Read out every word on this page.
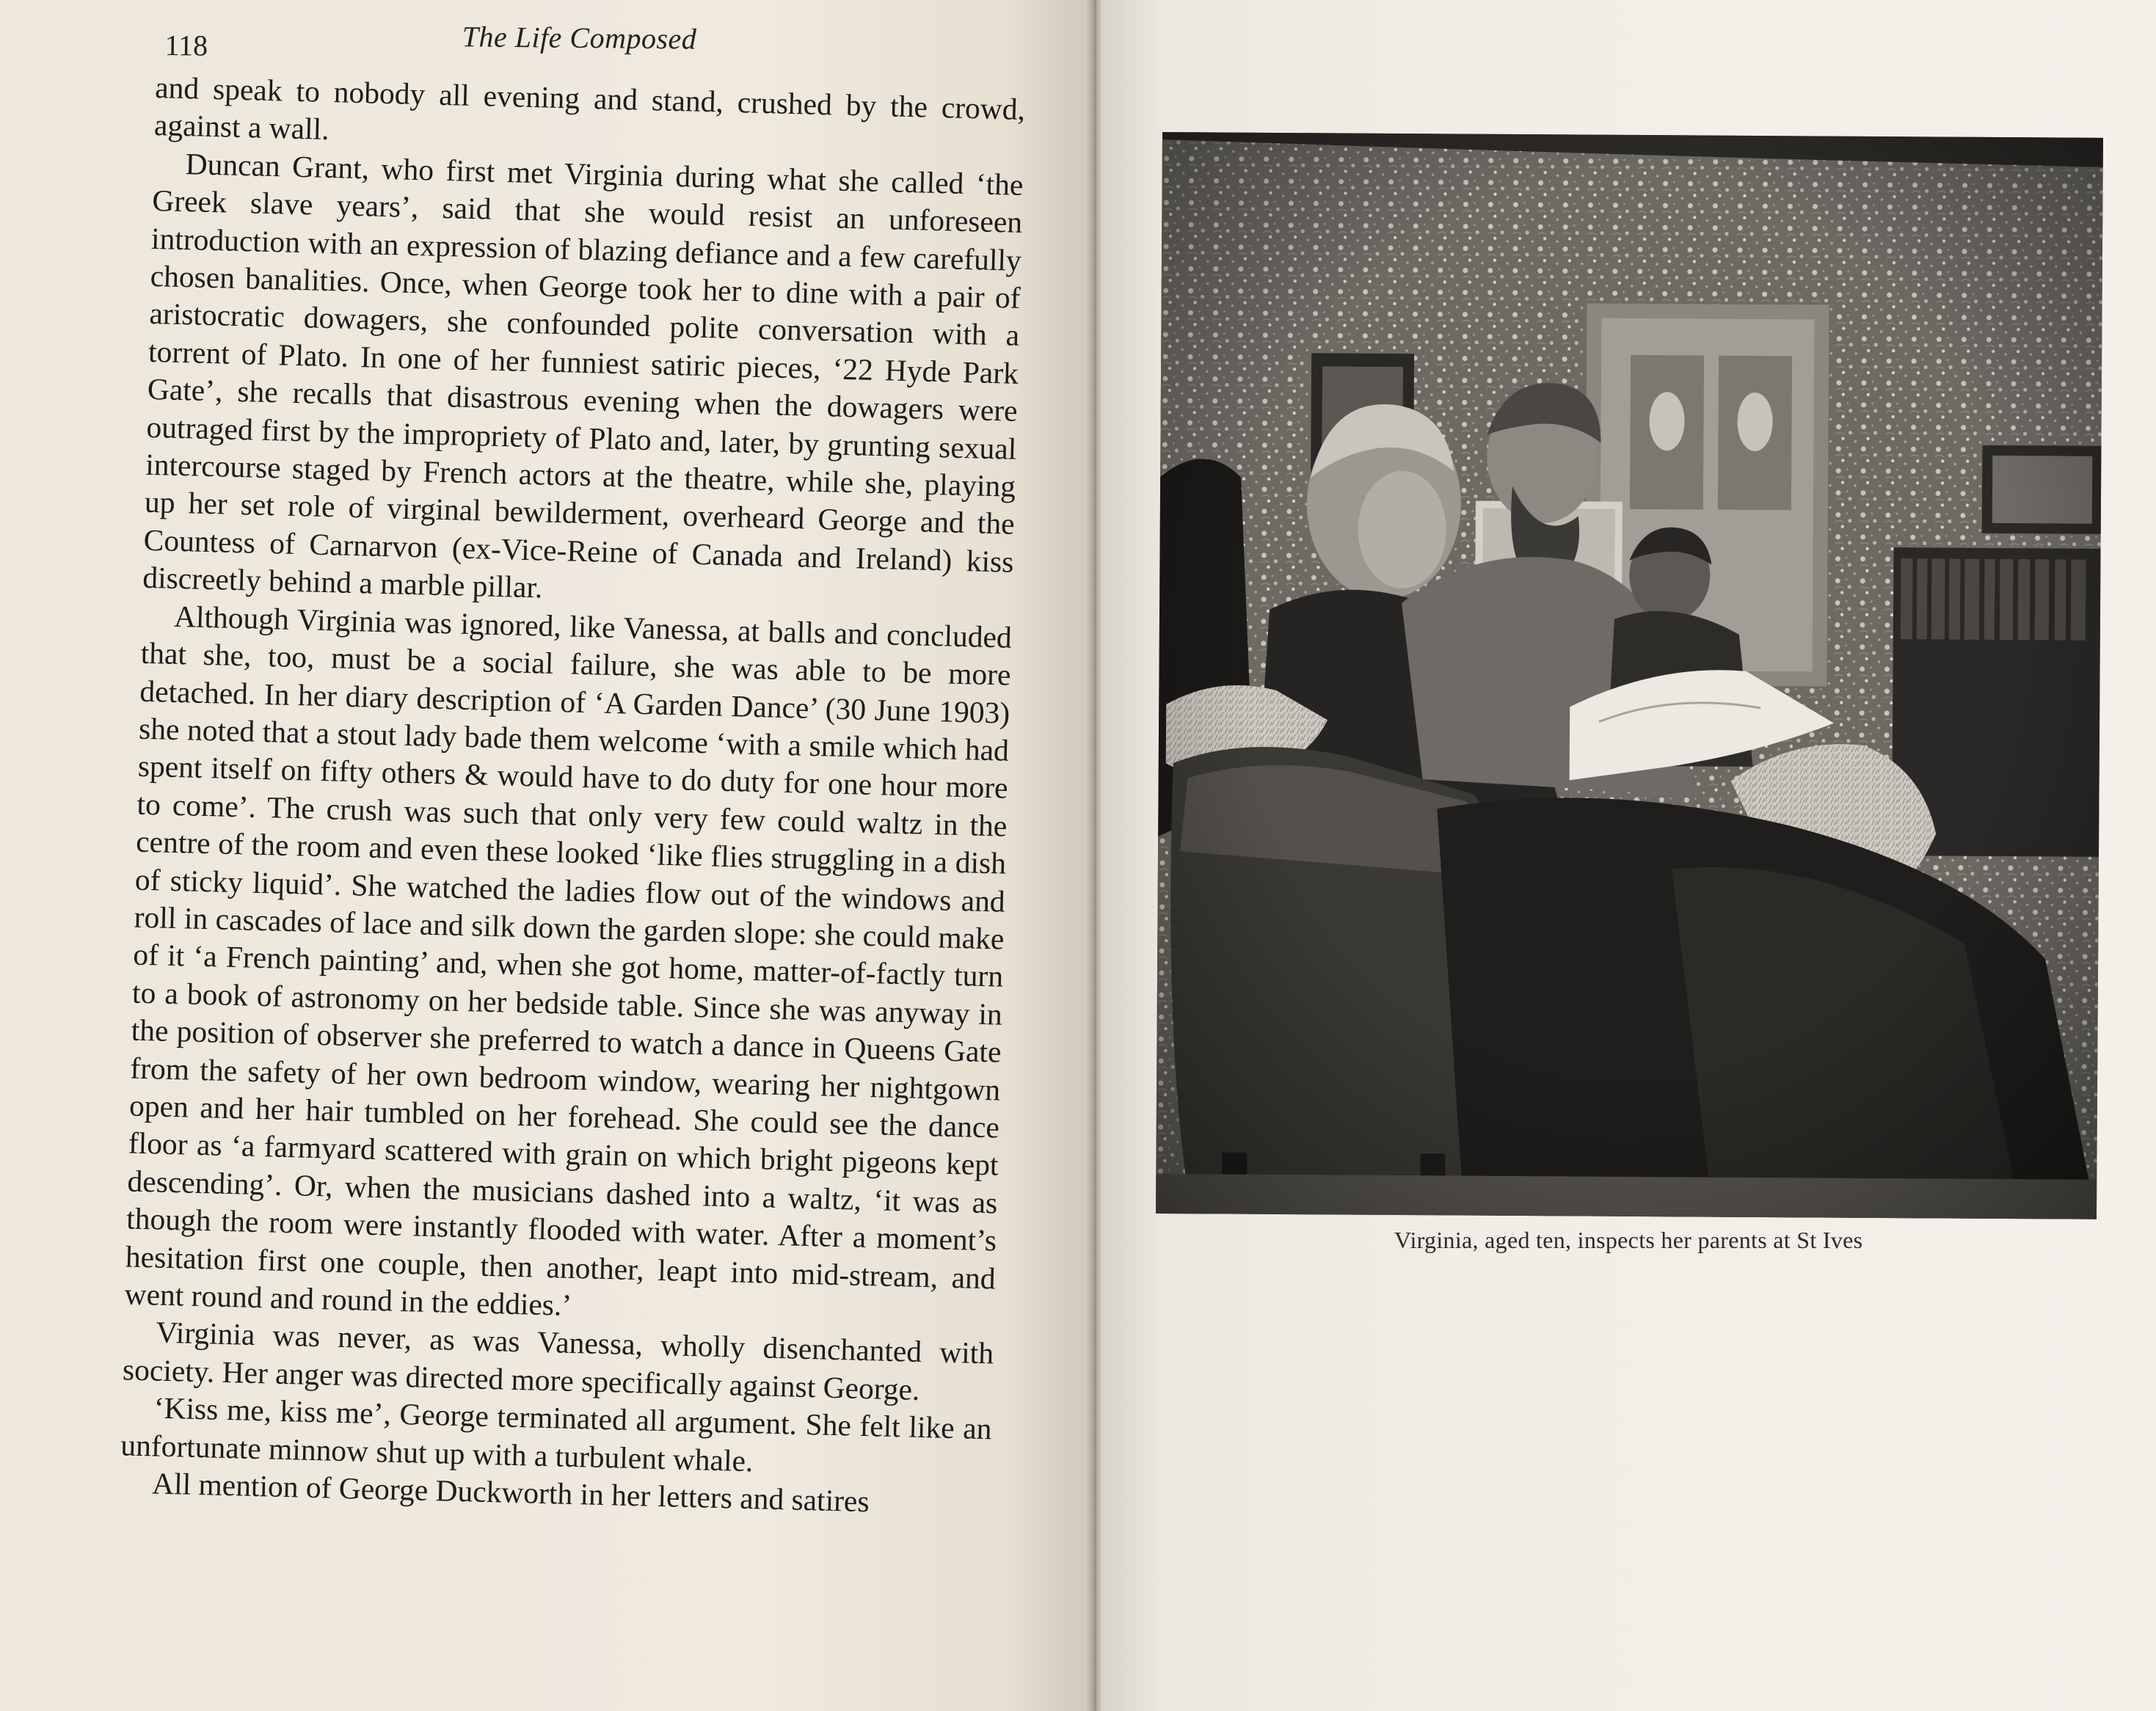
118	The Life Composed

and speak to nobody all evening and stand, crushed by the crowd, against a wall.

Duncan Grant, who first met Virginia during what she called ‘the Greek slave years’, said that she would resist an unforeseen introduction with an expression of blazing defiance and a few carefully chosen banalities. Once, when George took her to dine with a pair of aristocratic dowagers, she confounded polite conversation with a torrent of Plato. In one of her funniest satiric pieces, ‘22 Hyde Park Gate’, she recalls that disastrous evening when the dowagers were outraged first by the impropriety of Plato and, later, by grunting sexual intercourse staged by French actors at the theatre, while she, playing up her set role of virginal bewilderment, overheard George and the Countess of Carnarvon (ex-Vice-Reine of Canada and Ireland) kiss discreetly behind a marble pillar.

Although Virginia was ignored, like Vanessa, at balls and concluded that she, too, must be a social failure, she was able to be more detached. In her diary description of ‘A Garden Dance’ (30 June 1903) she noted that a stout lady bade them welcome ‘with a smile which had spent itself on fifty others & would have to do duty for one hour more to come’. The crush was such that only very few could waltz in the centre of the room and even these looked ‘like flies struggling in a dish of sticky liquid’. She watched the ladies flow out of the windows and roll in cascades of lace and silk down the garden slope: she could make of it ‘a French painting’ and, when she got home, matter-of-factly turn to a book of astronomy on her bedside table. Since she was anyway in the position of observer she preferred to watch a dance in Queens Gate from the safety of her own bedroom window, wearing her nightgown open and her hair tumbled on her forehead. She could see the dance floor as ‘a farmyard scattered with grain on which bright pigeons kept descending’. Or, when the musicians dashed into a waltz, ‘it was as though the room were instantly flooded with water. After a moment’s hesitation first one couple, then another, leapt into mid-stream, and went round and round in the eddies.’

Virginia was never, as was Vanessa, wholly disenchanted with society. Her anger was directed more specifically against George.

‘Kiss me, kiss me’, George terminated all argument. She felt like an unfortunate minnow shut up with a turbulent whale.

All mention of George Duckworth in her letters and satires

Virginia, aged ten, inspects her parents at St Ives
